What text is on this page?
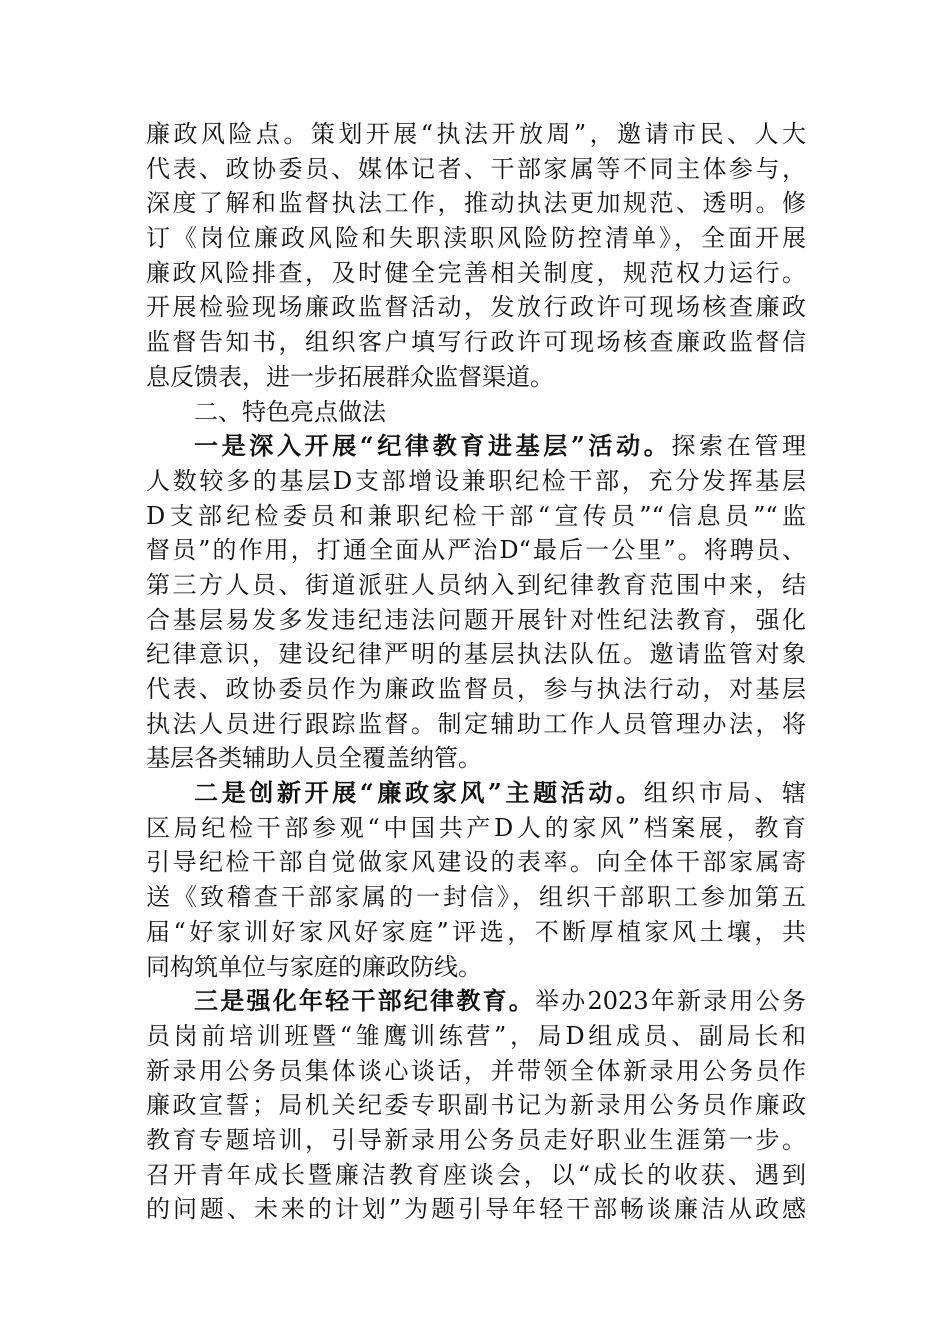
廉政风险点。策划开展“执法开放周”，邀请市民、人大
代表、政协委员、媒体记者、干部家属等不同主体参与，
深度了解和监督执法工作，推动执法更加规范、透明。修
订《岗位廉政风险和失职渎职风险防控清单》，全面开展
廉政风险排查，及时健全完善相关制度，规范权力运行。
开展检验现场廉政监督活动，发放行政许可现场核查廉政
监督告知书，组织客户填写行政许可现场核查廉政监督信
息反馈表，进一步拓展群众监督渠道。
二、特色亮点做法
一是深入开展“纪律教育进基层”活动。探索在管理
人数较多的基层D支部增设兼职纪检干部，充分发挥基层
D支部纪检委员和兼职纪检干部“宣传员”“信息员”“监
督员”的作用，打通全面从严治D“最后一公里”。将聘员、
第三方人员、街道派驻人员纳入到纪律教育范围中来，结
合基层易发多发违纪违法问题开展针对性纪法教育，强化
纪律意识，建设纪律严明的基层执法队伍。邀请监管对象
代表、政协委员作为廉政监督员，参与执法行动，对基层
执法人员进行跟踪监督。制定辅助工作人员管理办法，将
基层各类辅助人员全覆盖纳管。
二是创新开展“廉政家风”主题活动。组织市局、辖
区局纪检干部参观“中国共产D人的家风”档案展，教育
引导纪检干部自觉做家风建设的表率。向全体干部家属寄
送《致稽查干部家属的一封信》，组织干部职工参加第五
届“好家训好家风好家庭”评选，不断厚植家风土壤，共
同构筑单位与家庭的廉政防线。
三是强化年轻干部纪律教育。举办2023年新录用公务
员岗前培训班暨“雏鹰训练营”，局D组成员、副局长和
新录用公务员集体谈心谈话，并带领全体新录用公务员作
廉政宣誓；局机关纪委专职副书记为新录用公务员作廉政
教育专题培训，引导新录用公务员走好职业生涯第一步。
召开青年成长暨廉洁教育座谈会，以“成长的收获、遇到
的问题、未来的计划”为题引导年轻干部畅谈廉洁从政感
